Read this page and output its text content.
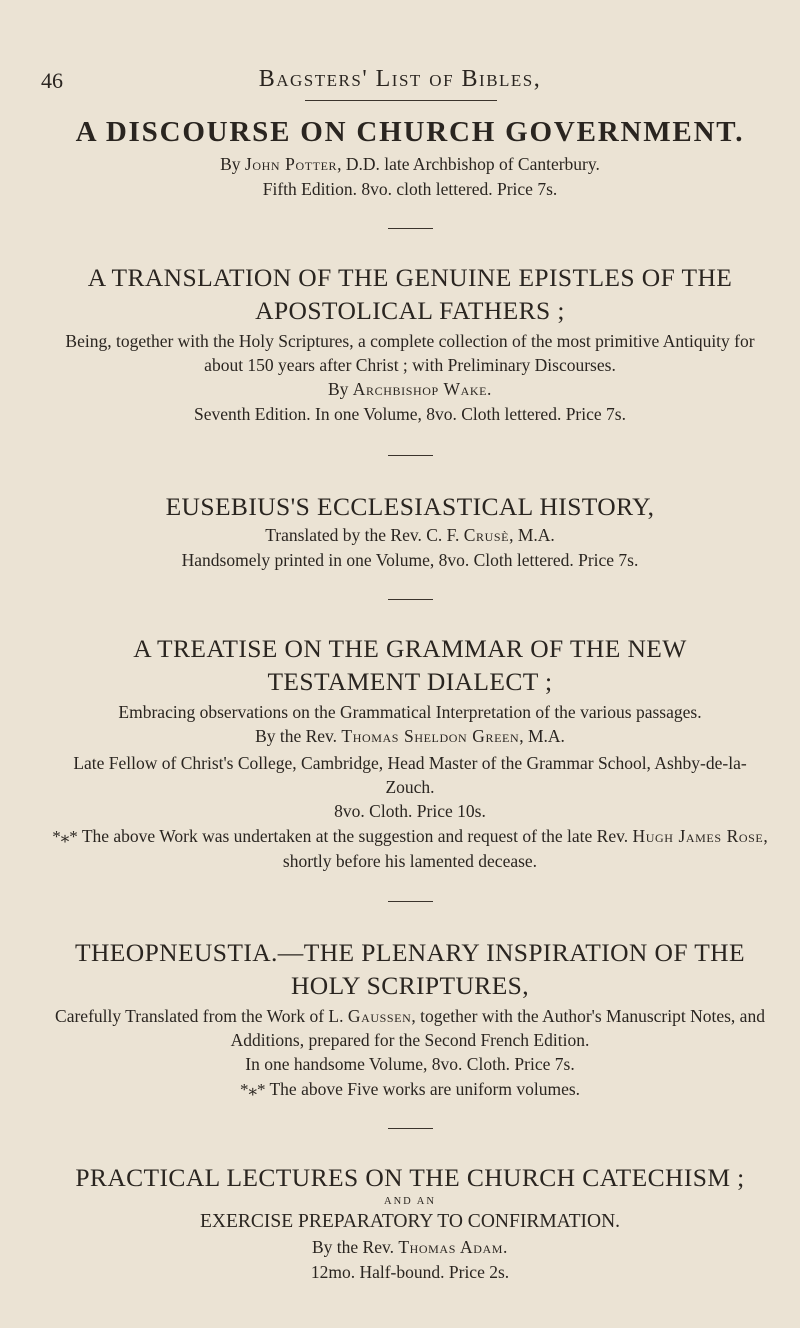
46	Bagsters' List of Bibles,
A DISCOURSE ON CHURCH GOVERNMENT.
By John Potter, D.D. late Archbishop of Canterbury.
Fifth Edition. 8vo. cloth lettered. Price 7s.
A TRANSLATION OF THE GENUINE EPISTLES OF THE
APOSTOLICAL FATHERS ;
Being, together with the Holy Scriptures, a complete collection of the most primitive Antiquity for about 150 years after Christ ; with Preliminary Discourses.
By Archbishop Wake.
Seventh Edition. In one Volume, 8vo. Cloth lettered. Price 7s.
EUSEBIUS'S ECCLESIASTICAL HISTORY,
Translated by the Rev. C. F. Crusè, M.A.
Handsomely printed in one Volume, 8vo. Cloth lettered. Price 7s.
A TREATISE ON THE GRAMMAR OF THE NEW
TESTAMENT DIALECT ;
Embracing observations on the Grammatical Interpretation of the various passages.
By the Rev. Thomas Sheldon Green, M.A.
Late Fellow of Christ's College, Cambridge, Head Master of the Grammar School, Ashby-de-la-Zouch.
8vo. Cloth. Price 10s.
*⁎* The above Work was undertaken at the suggestion and request of the late Rev. Hugh James Rose, shortly before his lamented decease.
THEOPNEUSTIA.—THE PLENARY INSPIRATION OF THE
HOLY SCRIPTURES,
Carefully Translated from the Work of L. Gaussen, together with the Author's Manuscript Notes, and Additions, prepared for the Second French Edition.
In one handsome Volume, 8vo. Cloth. Price 7s.
*⁎* The above Five works are uniform volumes.
PRACTICAL LECTURES ON THE CHURCH CATECHISM ;
AND AN
EXERCISE PREPARATORY TO CONFIRMATION.
By the Rev. Thomas Adam.
12mo. Half-bound. Price 2s.
